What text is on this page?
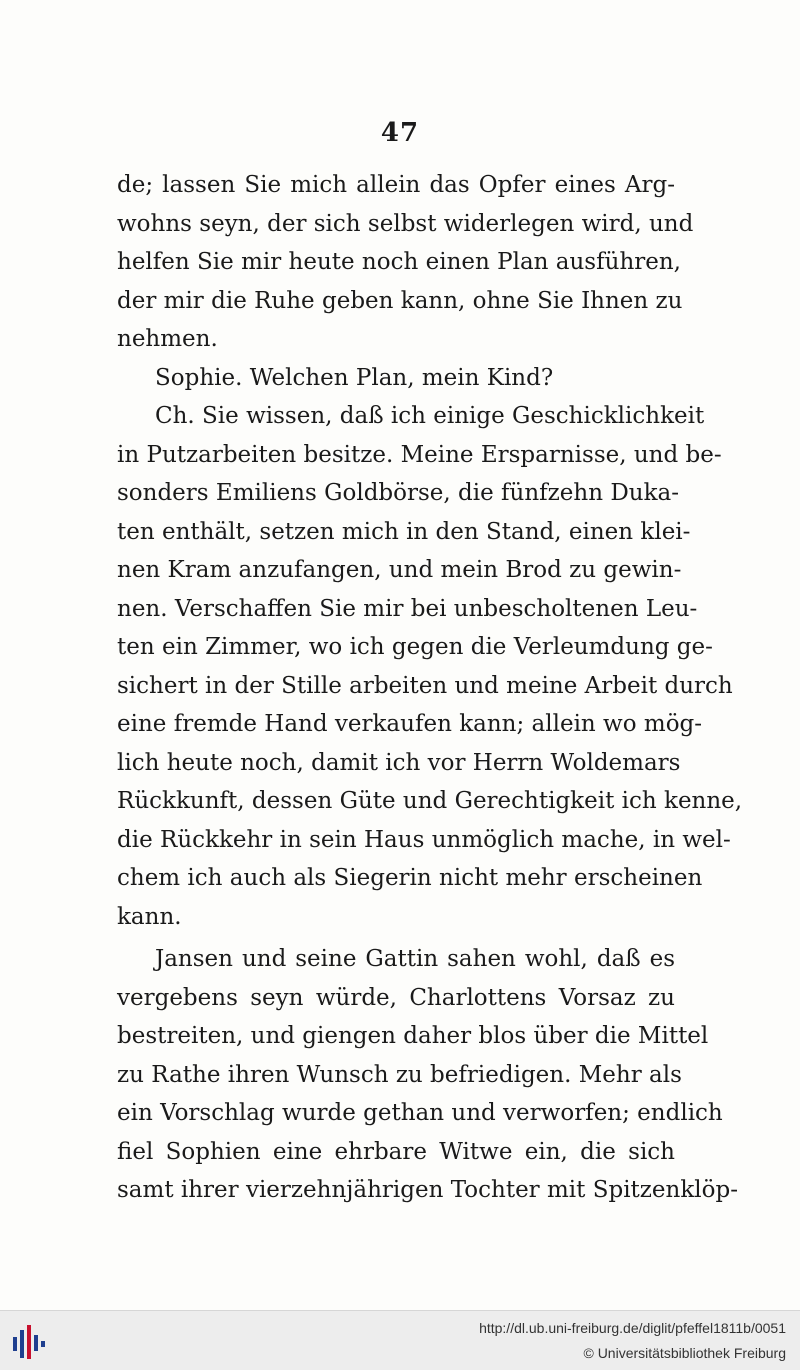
47
de; lassen Sie mich allein das Opfer eines Arg-
wohns seyn, der sich selbst widerlegen wird, und
helfen Sie mir heute noch einen Plan ausführen,
der mir die Ruhe geben kann, ohne Sie Ihnen zu
nehmen.
Sophie. Welchen Plan, mein Kind?
Ch. Sie wissen, daß ich einige Geschicklichkeit
in Putzarbeiten besitze. Meine Ersparnisse, und be-
sonders Emiliens Goldbörse, die fünfzehn Duka-
ten enthält, setzen mich in den Stand, einen klei-
nen Kram anzufangen, und mein Brod zu gewin-
nen. Verschaffen Sie mir bei unbescholtenen Leu-
ten ein Zimmer, wo ich gegen die Verleumdung ge-
sichert in der Stille arbeiten und meine Arbeit durch
eine fremde Hand verkaufen kann; allein wo mög-
lich heute noch, damit ich vor Herrn Woldemars
Rückkunft, dessen Güte und Gerechtigkeit ich kenne,
die Rückkehr in sein Haus unmöglich mache, in wel-
chem ich auch als Siegerin nicht mehr erscheinen
kann.
Jansen und seine Gattin sahen wohl, daß es
vergebens seyn würde, Charlottens Vorsaz zu
bestreiten, und giengen daher blos über die Mittel
zu Rathe ihren Wunsch zu befriedigen. Mehr als
ein Vorschlag wurde gethan und verworfen; endlich
fiel Sophien eine ehrbare Witwe ein, die sich
samt ihrer vierzehnjährigen Tochter mit Spitzenklöp-
http://dl.ub.uni-freiburg.de/diglit/pfeffel1811b/0051
© Universitätsbibliothek Freiburg
